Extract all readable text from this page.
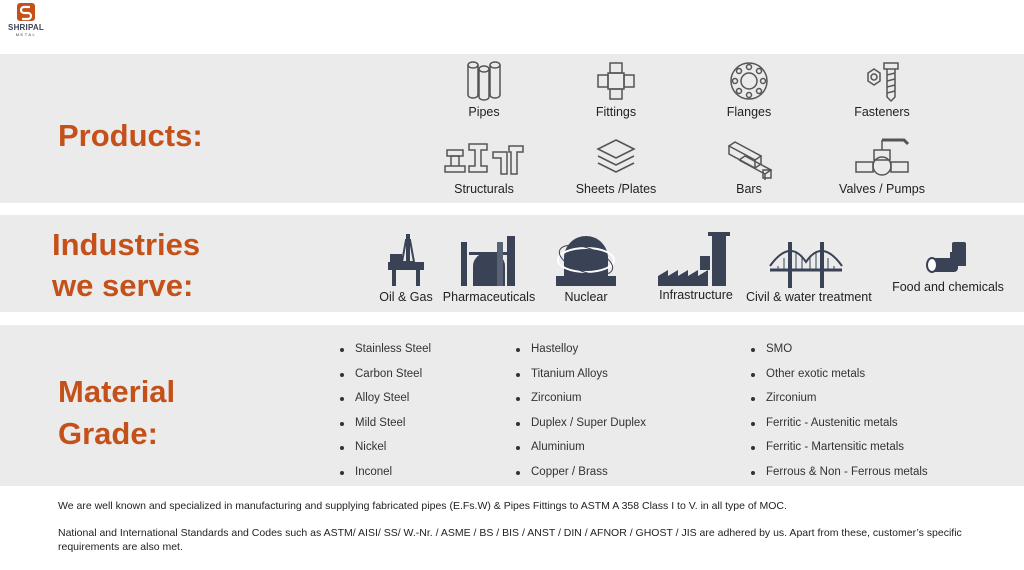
SHRIPAL
METAL
Products:
Industries
we serve:
Material
Grade:
Pipes	Fittings	Flanges	Fasteners
Structurals	Sheets /Plates	Bars	Valves / Pumps
Oil & Gas Pharmaceuticals	Nuclear	Infrastructure	Civil & water treatment
Food and chemicals
Stainless Steel
Carbon Steel
Alloy Steel
Mild Steel
Nickel
Inconel
Hastelloy
Titanium Alloys
Zirconium
Duplex / Super Duplex
Aluminium
Copper / Brass
SMO
Other exotic metals
Zirconium
Ferritic - Austenitic metals
Ferritic - Martensitic metals
Ferrous & Non - Ferrous metals
We are well known and specialized in manufacturing and supplying fabricated pipes (E.Fs.W) & Pipes Fittings to ASTM A 358 Class I to V. in all type of MOC.
National and International Standards and Codes such as ASTM/ AISI/ SS/ W.-Nr. / ASME / BS / BIS / ANST / DIN / AFNOR / GHOST / JIS are adhered by us. Apart from these, customer’s specific requirements are also met.
